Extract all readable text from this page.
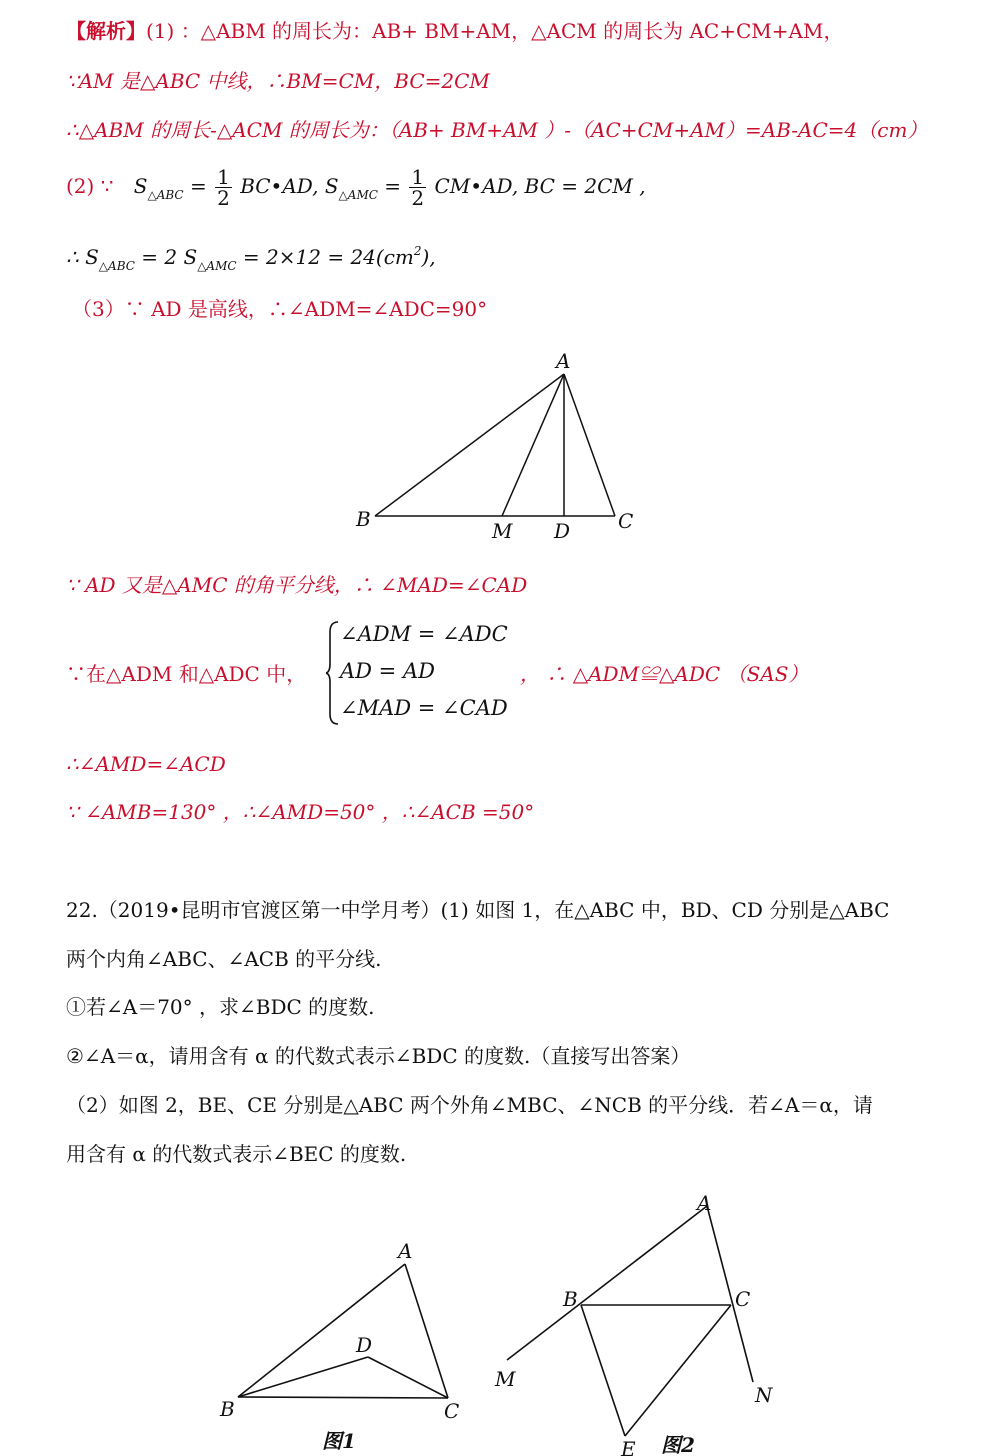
【解析】(1) ：△ABM 的周长为：AB+ BM+AM，△ACM 的周长为 AC+CM+AM，
∵AM 是△ABC 中线，∴BM=CM，BC=2CM
∴△ABM 的周长-△ACM 的周长为：（AB+ BM+AM ）-（AC+CM+AM）=AB-AC=4（cm）
(2) ∵ $S_{\triangle ABC} = \frac{1}{2}$ BC•AD, $S_{\triangle AMC} = \frac{1}{2}$ CM•AD, BC = 2CM ,
∴ $S_{\triangle ABC} = 2$ $S_{\triangle AMC} = 2\times 12 = 24(cm^2)$,
（3）∵ AD 是高线，∴∠ADM=∠ADC=90°
A
B	M D C
∵ AD 又是△AMC 的角平分线，∴ ∠MAD=∠CAD
∵在△ADM 和△ADC 中，
∠ADM = ∠ADC
AD = AD
∠MAD = ∠CAD
， ∴ △ADM≌△ADC （SAS）
∴∠AMD=∠ACD
∵ ∠AMB=130° ，∴∠AMD=50° ，∴∠ACB =50°
22.（2019•昆明市官渡区第一中学月考）(1) 如图 1，在△ABC 中，BD、CD 分别是△ABC
两个内角∠ABC、∠ACB 的平分线.
①若∠A＝70° ，求∠BDC 的度数.
②∠A＝α，请用含有 α 的代数式表示∠BDC 的度数.（直接写出答案）
（2）如图 2，BE、CE 分别是△ABC 两个外角∠MBC、∠NCB 的平分线．若∠A＝α，请
用含有 α 的代数式表示∠BEC 的度数.
A
B	C
D
图1
A
B	C
M
N
E 图2
